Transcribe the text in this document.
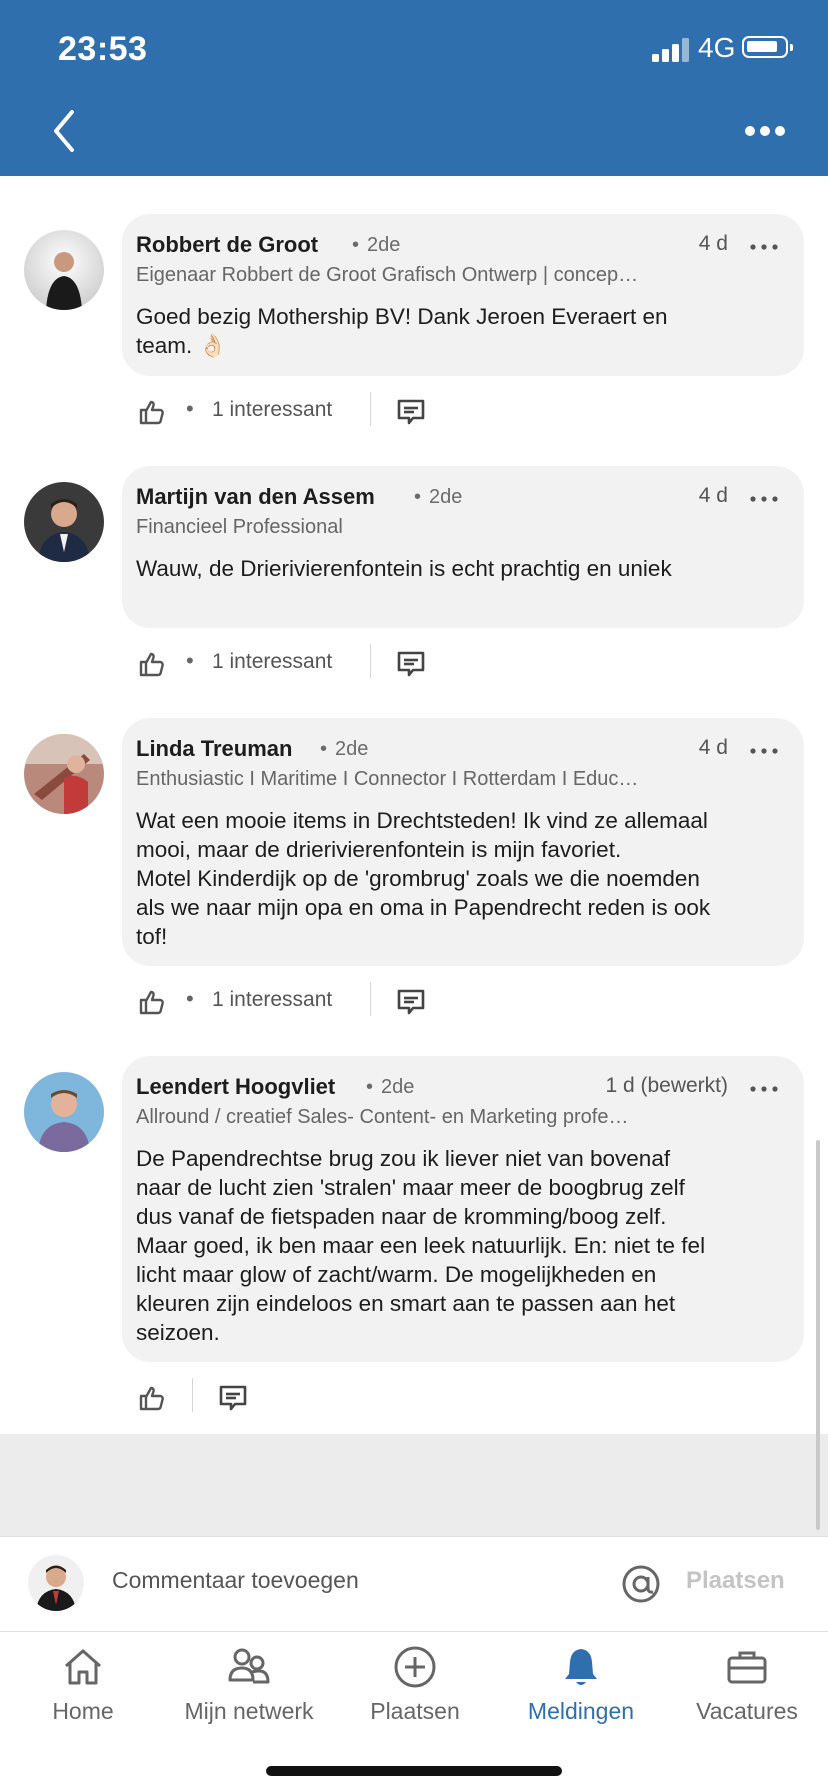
23:53	4G
Robbert de Groot	• 2de	4 d
Eigenaar Robbert de Groot Grafisch Ontwerp | concep…
Goed bezig Mothership BV! Dank Jeroen Everaert en
team. 👌🏻
• 1 interessant
Martijn van den Assem	• 2de	4 d
Financieel Professional
Wauw, de Drierivierenfontein is echt prachtig en uniek
• 1 interessant
Linda Treuman	• 2de	4 d
Enthusiastic I Maritime I Connector I Rotterdam I Educ…
Wat een mooie items in Drechtsteden! Ik vind ze allemaal
mooi, maar de drierivierenfontein is mijn favoriet.
Motel Kinderdijk op de 'grombrug' zoals we die noemden
als we naar mijn opa en oma in Papendrecht reden is ook
tof!
• 1 interessant
Leendert Hoogvliet	• 2de	1 d (bewerkt)
Allround / creatief Sales- Content- en Marketing profe…
De Papendrechtse brug zou ik liever niet van bovenaf
naar de lucht zien 'stralen' maar meer de boogbrug zelf
dus vanaf de fietspaden naar de kromming/boog zelf.
Maar goed, ik ben maar een leek natuurlijk. En: niet te fel
licht maar glow of zacht/warm. De mogelijkheden en
kleuren zijn eindeloos en smart aan te passen aan het
seizoen.
Commentaar toevoegen	Plaatsen
Home	Mijn netwerk	Plaatsen	Meldingen	Vacatures
